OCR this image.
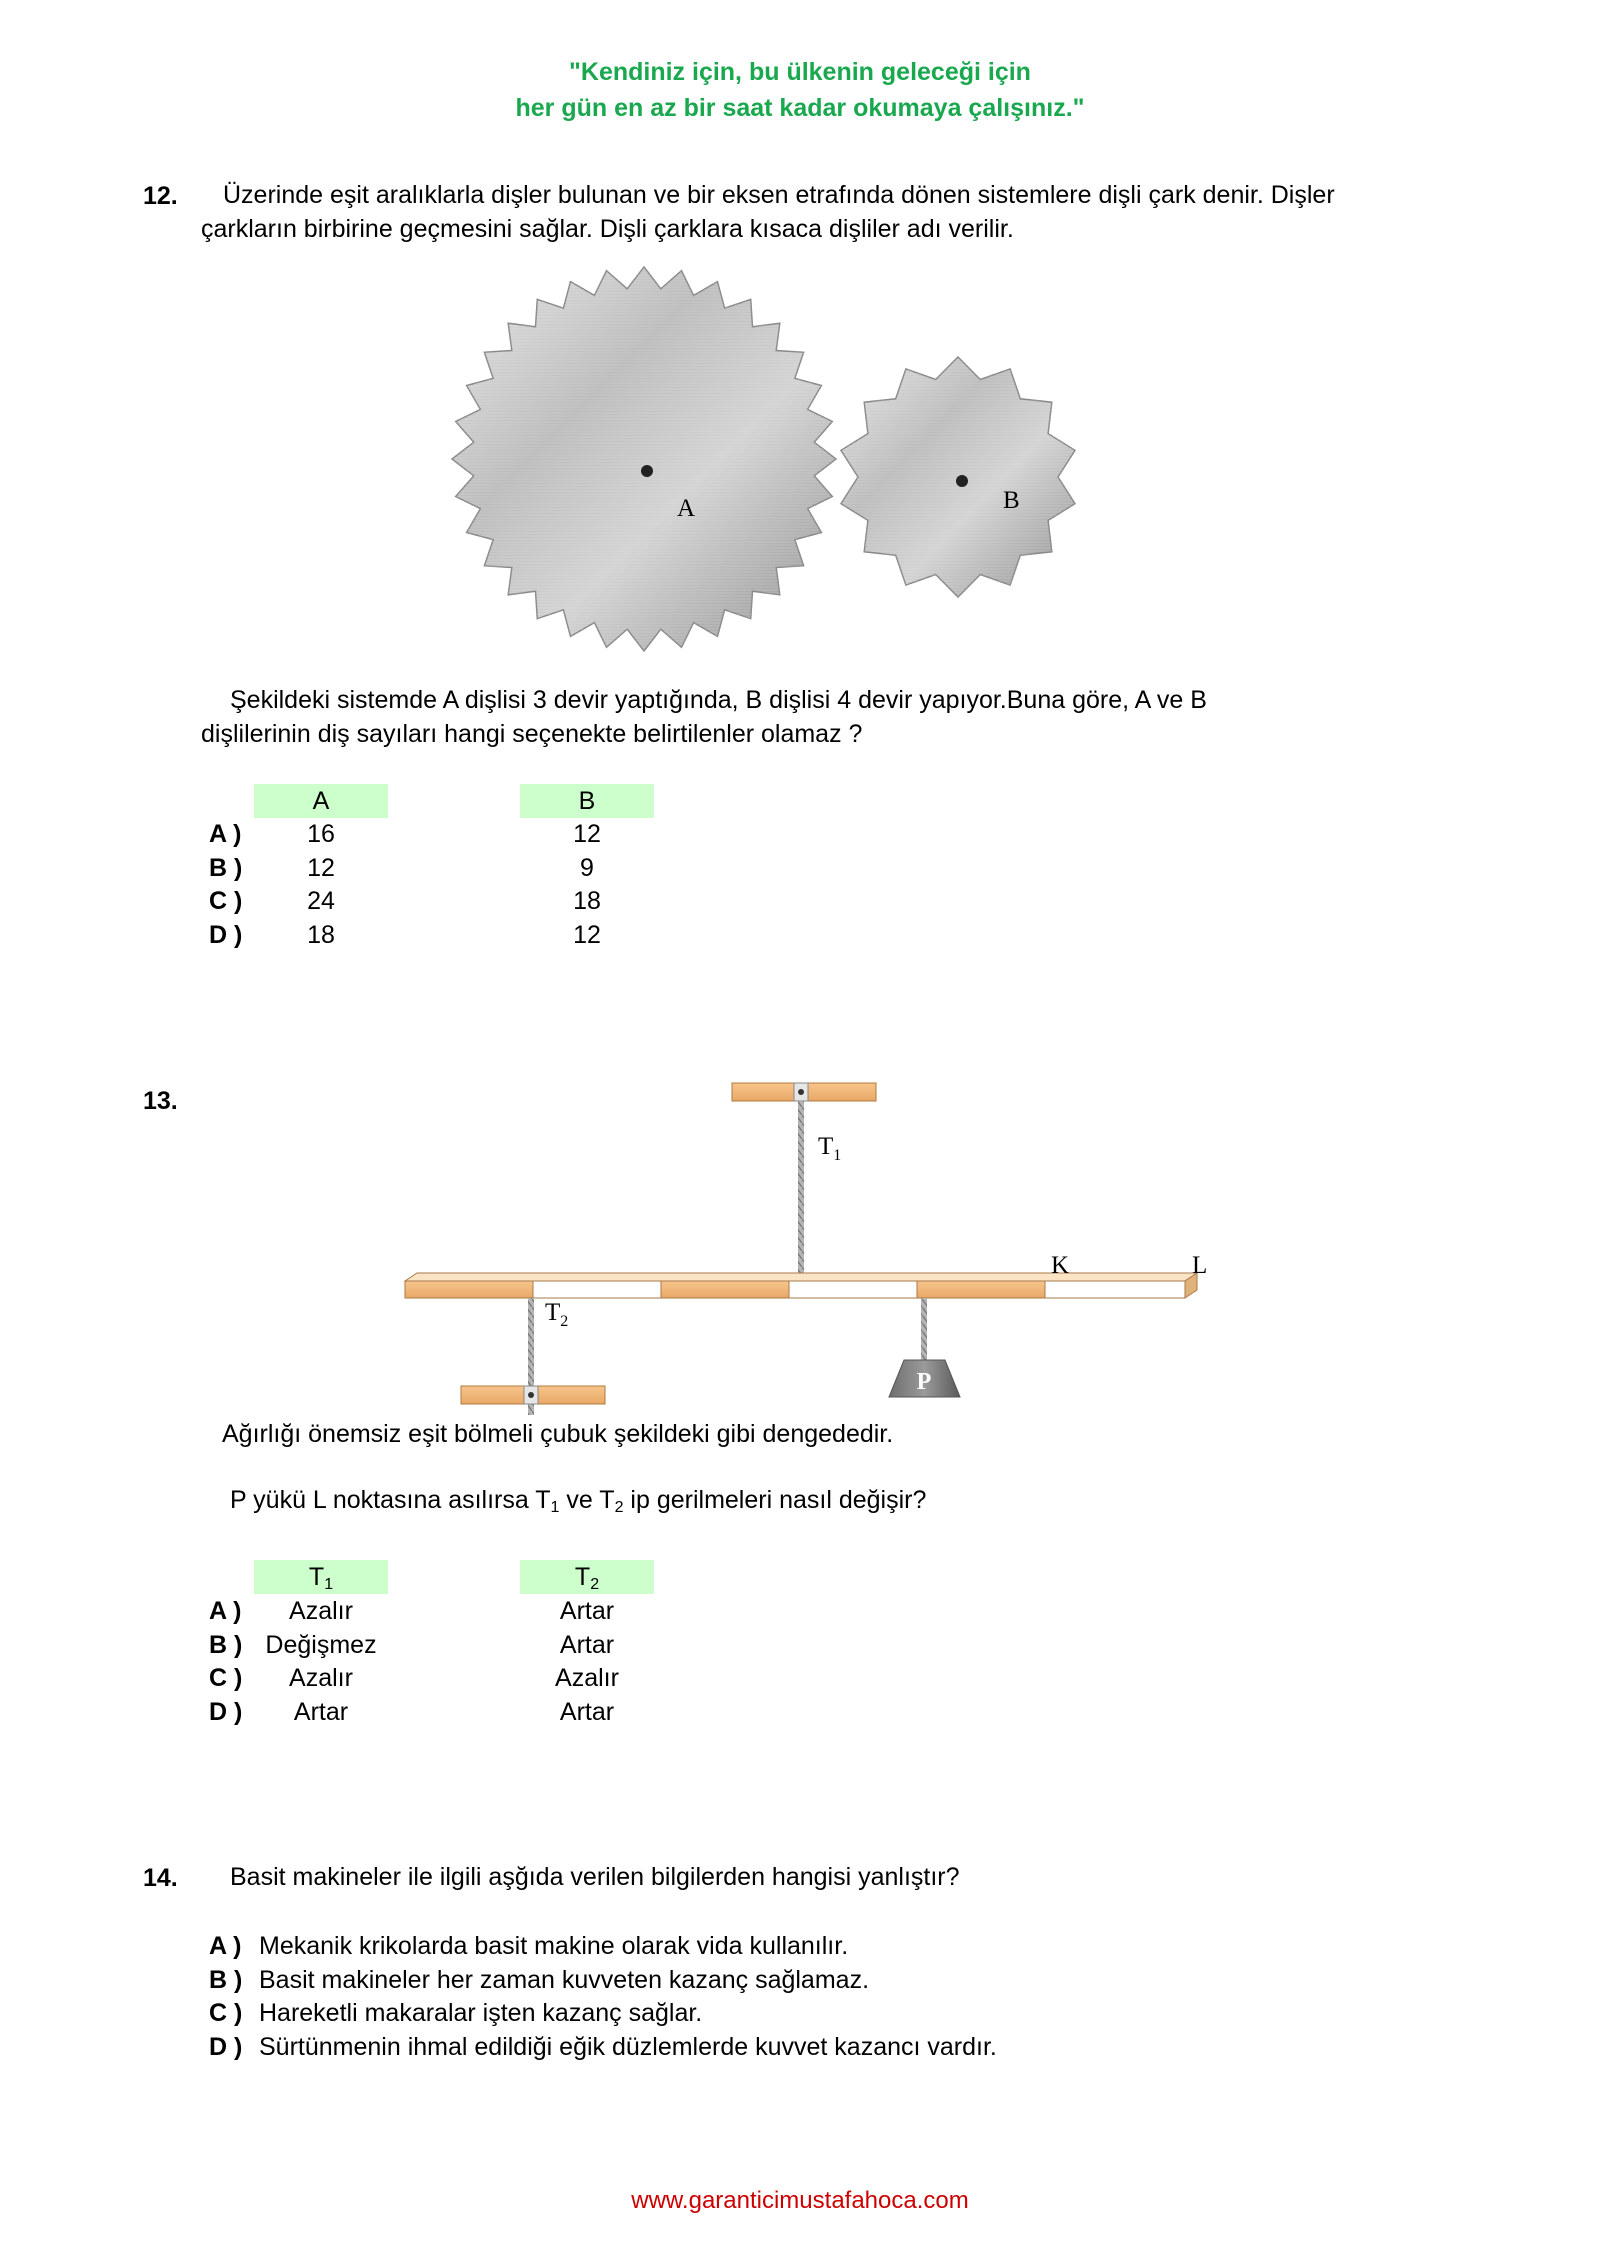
"Kendiniz için, bu ülkenin geleceği için
her gün en az bir saat kadar okumaya çalışınız."
12. Üzerinde eşit aralıklarla dişler bulunan ve bir eksen etrafında dönen sistemlere dişli çark denir. Dişler
çarkların birbirine geçmesini sağlar. Dişli çarklara kısaca dişliler adı verilir.
A	B
Şekildeki sistemde A dişlisi 3 devir yaptığında, B dişlisi 4 devir yapıyor.Buna göre, A ve B
dişlilerinin diş sayıları hangi seçenekte belirtilenler olamaz ?
A	B
A )	16	12
B )	12	9
C )	24	18
D )	18	12
13.
$T_1$
K	L
$T_2$
P
Ağırlığı önemsiz eşit bölmeli çubuk şekildeki gibi dengededir.
P yükü L noktasına asılırsa $T_1$ ve $T_2$ ip gerilmeleri nasıl değişir?
$T_1$	$T_2$
A )	Azalır	Artar
B ) Değişmez	Artar
C )	Azalır	Azalır
D )	Artar	Artar
14. Basit makineler ile ilgili aşğıda verilen bilgilerden hangisi yanlıştır?
A ) Mekanik krikolarda basit makine olarak vida kullanılır.
B ) Basit makineler her zaman kuvveten kazanç sağlamaz.
C ) Hareketli makaralar işten kazanç sağlar.
D ) Sürtünmenin ihmal edildiği eğik düzlemlerde kuvvet kazancı vardır.
www.garanticimustafahoca.com
